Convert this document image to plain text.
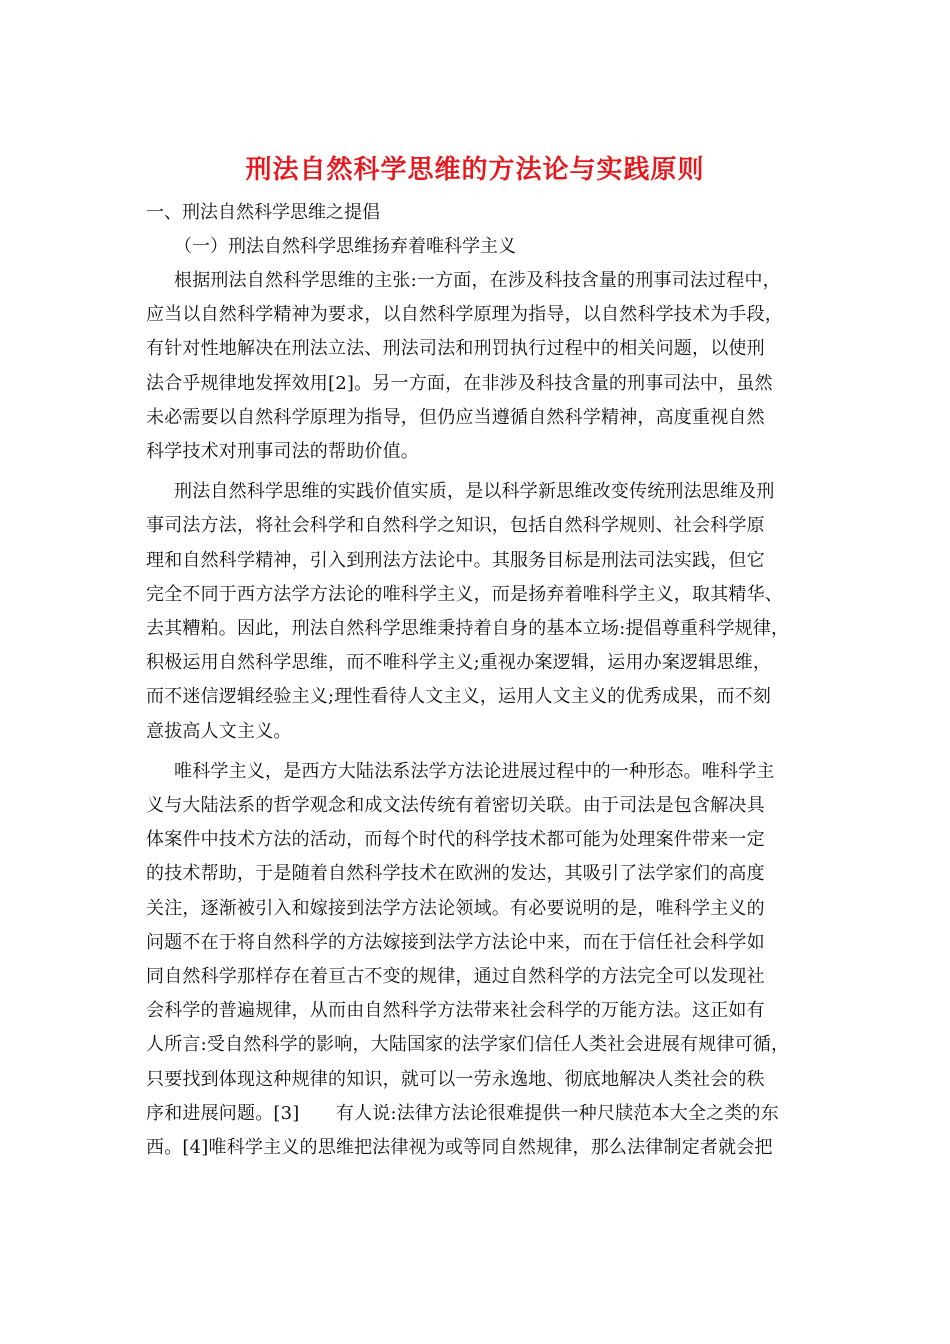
刑法自然科学思维的方法论与实践原则
一、刑法自然科学思维之提倡
（一）刑法自然科学思维扬弃着唯科学主义

根据刑法自然科学思维的主张:一方面，在涉及科技含量的刑事司法过程中，
应当以自然科学精神为要求，以自然科学原理为指导，以自然科学技术为手段，
有针对性地解决在刑法立法、刑法司法和刑罚执行过程中的相关问题，以使刑
法合乎规律地发挥效用[2]。另一方面，在非涉及科技含量的刑事司法中，虽然
未必需要以自然科学原理为指导，但仍应当遵循自然科学精神，高度重视自然
科学技术对刑事司法的帮助价值。

刑法自然科学思维的实践价值实质，是以科学新思维改变传统刑法思维及刑
事司法方法，将社会科学和自然科学之知识，包括自然科学规则、社会科学原
理和自然科学精神，引入到刑法方法论中。其服务目标是刑法司法实践，但它
完全不同于西方法学方法论的唯科学主义，而是扬弃着唯科学主义，取其精华、
去其糟粕。因此，刑法自然科学思维秉持着自身的基本立场:提倡尊重科学规律，
积极运用自然科学思维，而不唯科学主义;重视办案逻辑，运用办案逻辑思维，
而不迷信逻辑经验主义;理性看待人文主义，运用人文主义的优秀成果，而不刻
意拔高人文主义。

唯科学主义，是西方大陆法系法学方法论进展过程中的一种形态。唯科学主
义与大陆法系的哲学观念和成文法传统有着密切关联。由于司法是包含解决具
体案件中技术方法的活动，而每个时代的科学技术都可能为处理案件带来一定
的技术帮助，于是随着自然科学技术在欧洲的发达，其吸引了法学家们的高度
关注，逐渐被引入和嫁接到法学方法论领域。有必要说明的是，唯科学主义的
问题不在于将自然科学的方法嫁接到法学方法论中来，而在于信任社会科学如
同自然科学那样存在着亘古不变的规律，通过自然科学的方法完全可以发现社
会科学的普遍规律，从而由自然科学方法带来社会科学的万能方法。这正如有
人所言:受自然科学的影响，大陆国家的法学家们信任人类社会进展有规律可循，
只要找到体现这种规律的知识，就可以一劳永逸地、彻底地解决人类社会的秩
序和进展问题。[3]　　有人说:法律方法论很难提供一种尺牍范本大全之类的东
西。[4]唯科学主义的思维把法律视为或等同自然规律，那么法律制定者就会把
